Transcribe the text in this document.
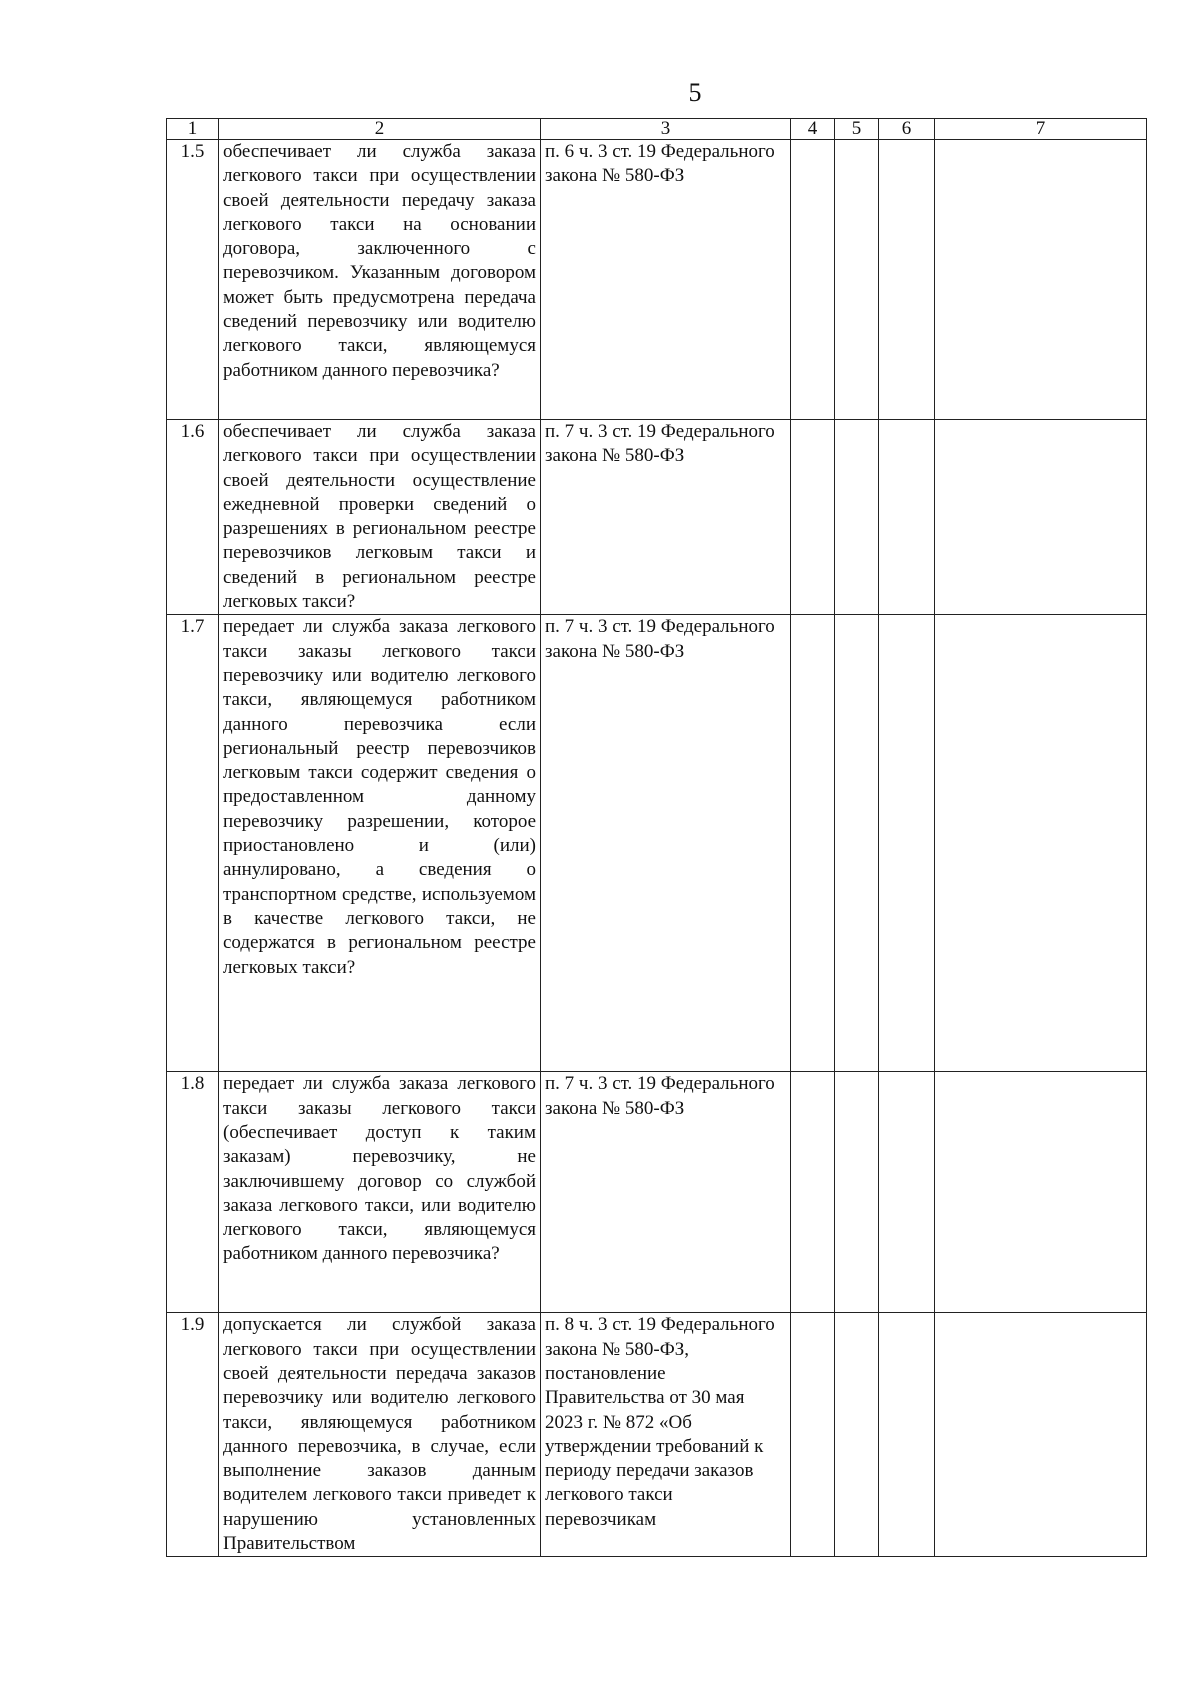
5
1	2	3	4	5	6	7
1.5	обеспечивает ли служба заказа легкового такси при осуществлении своей деятельности передачу заказа легкового такси на основании договора, заключенного с перевозчиком. Указанным договором может быть предусмотрена передача сведений перевозчику или водителю легкового такси, являющемуся работником данного перевозчика?	п. 6 ч. 3 ст. 19 Федерального закона № 580-ФЗ				
1.6	обеспечивает ли служба заказа легкового такси при осуществлении своей деятельности осуществление ежедневной проверки сведений о разрешениях в региональном реестре перевозчиков легковым такси и сведений в региональном реестре легковых такси?	п. 7 ч. 3 ст. 19 Федерального закона № 580-ФЗ				
1.7	передает ли служба заказа легкового такси заказы легкового такси перевозчику или водителю легкового такси, являющемуся работником данного перевозчика если региональный реестр перевозчиков легковым такси содержит сведения о предоставленном данному перевозчику разрешении, которое приостановлено и (или) аннулировано, а сведения о транспортном средстве, используемом в качестве легкового такси, не содержатся в региональном реестре легковых такси?	п. 7 ч. 3 ст. 19 Федерального закона № 580-ФЗ				
1.8	передает ли служба заказа легкового такси заказы легкового такси (обеспечивает доступ к таким заказам) перевозчику, не заключившему договор со службой заказа легкового такси, или водителю легкового такси, являющемуся работником данного перевозчика?	п. 7 ч. 3 ст. 19 Федерального закона № 580-ФЗ				
1.9	допускается ли службой заказа легкового такси при осуществлении своей деятельности передача заказов перевозчику или водителю легкового такси, являющемуся работником данного перевозчика, в случае, если выполнение заказов данным водителем легкового такси приведет к нарушению установленных Правительством	п. 8 ч. 3 ст. 19 Федерального закона № 580-ФЗ, постановление Правительства от 30 мая 2023 г. № 872 «Об утверждении требований к периоду передачи заказов легкового такси перевозчикам				
